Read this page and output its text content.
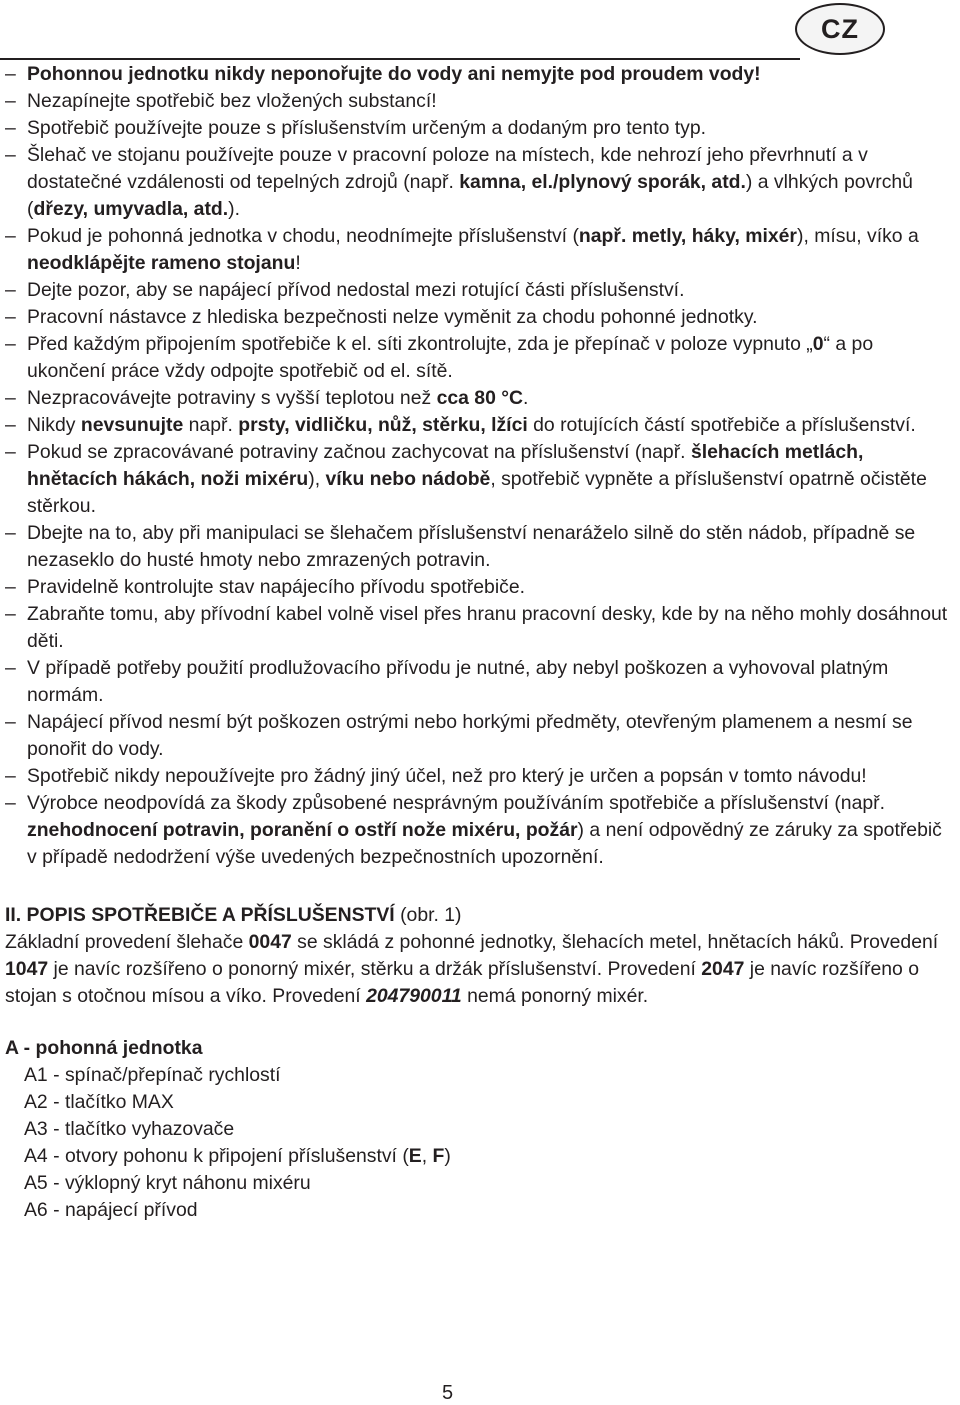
CZ
– Pohonnou jednotku nikdy neponořujte do vody ani nemyjte pod proudem vody!
– Nezapínejte spotřebič bez vložených substancí!
– Spotřebič používejte pouze s příslušenstvím určeným a dodaným pro tento typ.
– Šlehač ve stojanu používejte pouze v pracovní poloze na místech, kde nehrozí jeho převrhnutí a v dostatečné vzdálenosti od tepelných zdrojů (např. kamna, el./plynový sporák, atd.) a vlhkých povrchů (dřezy, umyvadla, atd.).
– Pokud je pohonná jednotka v chodu, neodnímejte příslušenství (např. metly, háky, mixér), mísu, víko a neodklápějte rameno stojanu!
– Dejte pozor, aby se napájecí přívod nedostal mezi rotující části příslušenství.
– Pracovní nástavce z hlediska bezpečnosti nelze vyměnit za chodu pohonné jednotky.
– Před každým připojením spotřebiče k el. síti zkontrolujte, zda je přepínač v poloze vypnuto „0“ a po ukončení práce vždy odpojte spotřebič od el. sítě.
– Nezpracovávejte potraviny s vyšší teplotou než cca 80 °C.
– Nikdy nevsunujte např. prsty, vidličku, nůž, stěrku, lžíci do rotujících částí spotřebiče a příslušenství.
– Pokud se zpracovávané potraviny začnou zachycovat na příslušenství (např. šlehacích metlách, hnětacích hákách, noži mixéru), víku nebo nádobě, spotřebič vypněte a příslušenství opatrně očistěte stěrkou.
– Dbejte na to, aby při manipulaci se šlehačem příslušenství nenaráželo silně do stěn nádob, případně se nezaseklo do husté hmoty nebo zmrazených potravin.
– Pravidelně kontrolujte stav napájecího přívodu spotřebiče.
– Zabraňte tomu, aby přívodní kabel volně visel přes hranu pracovní desky, kde by na něho mohly dosáhnout děti.
– V případě potřeby použití prodlužovacího přívodu je nutné, aby nebyl poškozen a vyhovoval platným normám.
– Napájecí přívod nesmí být poškozen ostrými nebo horkými předměty, otevřeným plamenem a nesmí se ponořit do vody.
– Spotřebič nikdy nepoužívejte pro žádný jiný účel, než pro který je určen a popsán v tomto návodu!
– Výrobce neodpovídá za škody způsobené nesprávným používáním spotřebiče a příslušenství (např. znehodnocení potravin, poranění o ostří nože mixéru, požár) a není odpovědný ze záruky za spotřebič v případě nedodržení výše uvedených bezpečnostních upozornění.
II. POPIS SPOTŘEBIČE A PŘÍSLUŠENSTVÍ (obr. 1)
Základní provedení šlehače 0047 se skládá z pohonné jednotky, šlehacích metel, hnětacích háků. Provedení 1047 je navíc rozšířeno o ponorný mixér, stěrku a držák příslušenství. Provedení 2047 je navíc rozšířeno o stojan s otočnou mísou a víko. Provedení 204790011 nemá ponorný mixér.
A - pohonná jednotka
A1 - spínač/přepínač rychlostí
A2 - tlačítko MAX
A3 - tlačítko vyhazovače
A4 - otvory pohonu k připojení příslušenství (E, F)
A5 - výklopný kryt náhonu mixéru
A6 - napájecí přívod
5
